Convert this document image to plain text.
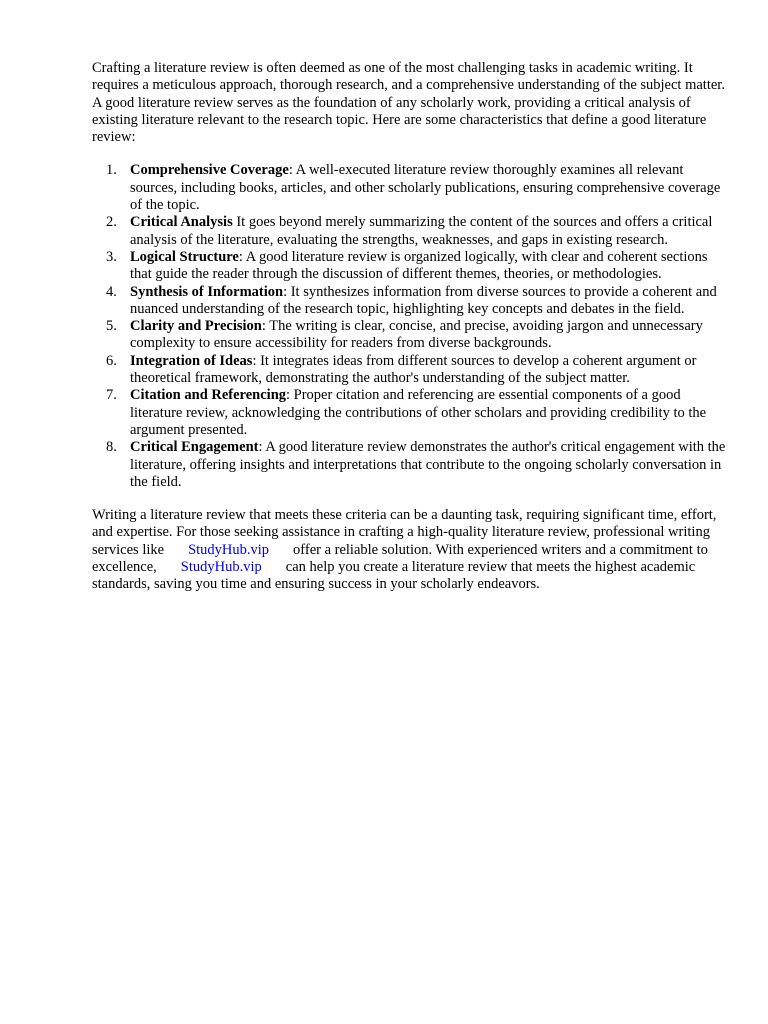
Crafting a literature review is often deemed as one of the most challenging tasks in academic writing. It requires a meticulous approach, thorough research, and a comprehensive understanding of the subject matter. A good literature review serves as the foundation of any scholarly work, providing a critical analysis of existing literature relevant to the research topic. Here are some characteristics that define a good literature review:

1. Comprehensive Coverage: A well-executed literature review thoroughly examines all relevant sources, including books, articles, and other scholarly publications, ensuring comprehensive coverage of the topic.
2. Critical Analysis It goes beyond merely summarizing the content of the sources and offers a critical analysis of the literature, evaluating the strengths, weaknesses, and gaps in existing research.
3. Logical Structure: A good literature review is organized logically, with clear and coherent sections that guide the reader through the discussion of different themes, theories, or methodologies.
4. Synthesis of Information: It synthesizes information from diverse sources to provide a coherent and nuanced understanding of the research topic, highlighting key concepts and debates in the field.
5. Clarity and Precision: The writing is clear, concise, and precise, avoiding jargon and unnecessary complexity to ensure accessibility for readers from diverse backgrounds.
6. Integration of Ideas: It integrates ideas from different sources to develop a coherent argument or theoretical framework, demonstrating the author's understanding of the subject matter.
7. Citation and Referencing: Proper citation and referencing are essential components of a good literature review, acknowledging the contributions of other scholars and providing credibility to the argument presented.
8. Critical Engagement: A good literature review demonstrates the author's critical engagement with the literature, offering insights and interpretations that contribute to the ongoing scholarly conversation in the field.

Writing a literature review that meets these criteria can be a daunting task, requiring significant time, effort, and expertise. For those seeking assistance in crafting a high-quality literature review, professional writing services like StudyHub.vip offer a reliable solution. With experienced writers and a commitment to excellence, StudyHub.vip can help you create a literature review that meets the highest academic standards, saving you time and ensuring success in your scholarly endeavors.
